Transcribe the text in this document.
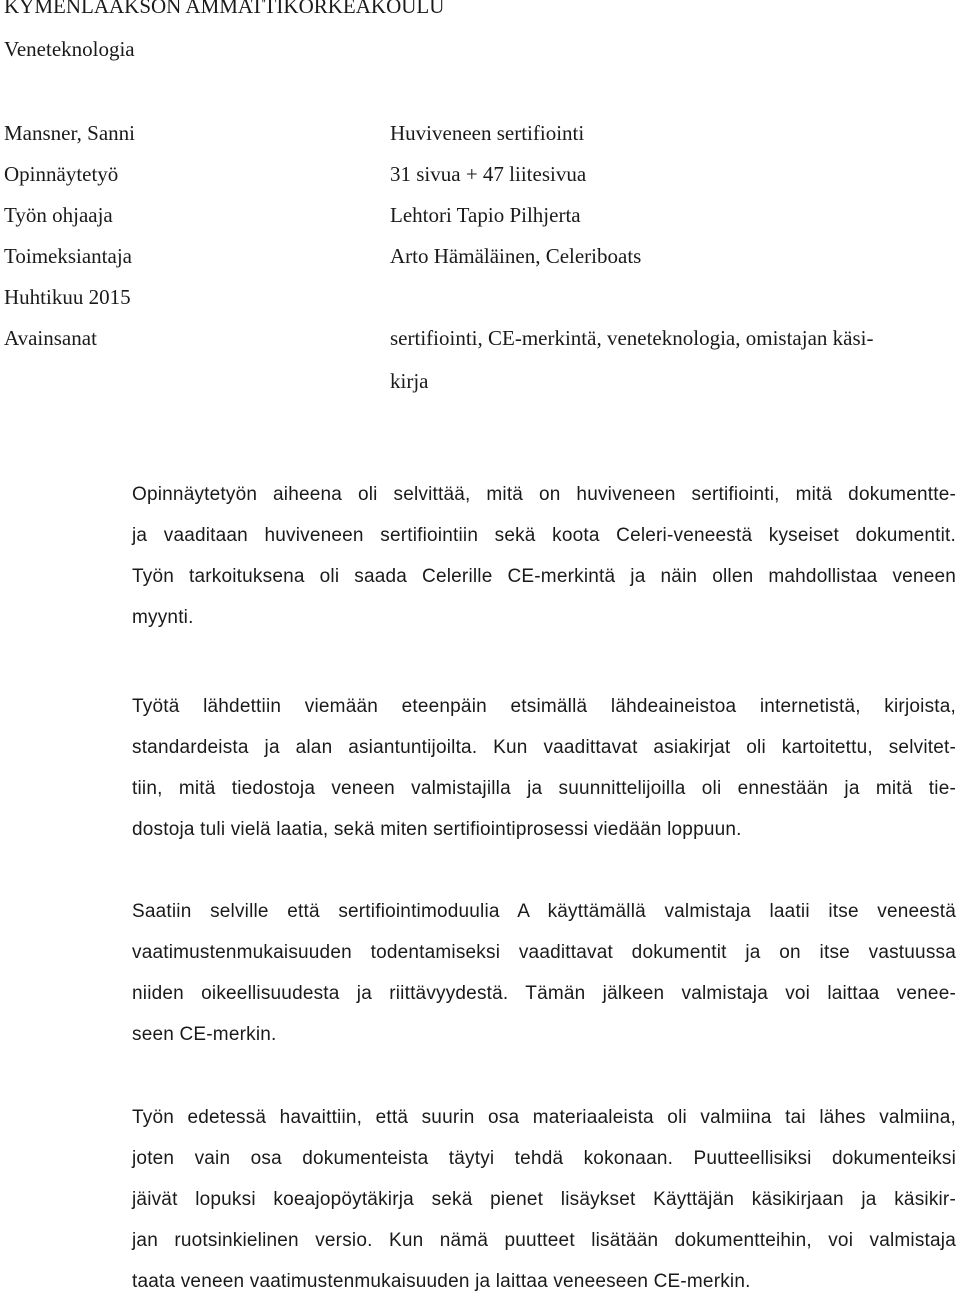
KYMENLAAKSON AMMATTIKORKEAKOULU
Veneteknologia
Mansner, Sanni	Huviveneen sertifiointi
Opinnäytetyö	31 sivua + 47 liitesivua
Työn ohjaaja	Lehtori Tapio Pilhjerta
Toimeksiantaja	Arto Hämäläinen, Celeriboats
Huhtikuu 2015
Avainsanat	sertifiointi, CE-merkintä, veneteknologia, omistajan käsi-
kirja
Opinnäytetyön aiheena oli selvittää, mitä on huviveneen sertifiointi, mitä dokumentte-
ja vaaditaan huviveneen sertifiointiin sekä koota Celeri-veneestä kyseiset dokumentit.
Työn tarkoituksena oli saada Celerille CE-merkintä ja näin ollen mahdollistaa veneen
myynti.
Työtä lähdettiin viemään eteenpäin etsimällä lähdeaineistoa internetistä, kirjoista,
standardeista ja alan asiantuntijoilta. Kun vaadittavat asiakirjat oli kartoitettu, selvitet-
tiin, mitä tiedostoja veneen valmistajilla ja suunnittelijoilla oli ennestään ja mitä tie-
dostoja tuli vielä laatia, sekä miten sertifiointiprosessi viedään loppuun.
Saatiin selville että sertifiointimoduulia A käyttämällä valmistaja laatii itse veneestä
vaatimustenmukaisuuden todentamiseksi vaadittavat dokumentit ja on itse vastuussa
niiden oikeellisuudesta ja riittävyydestä. Tämän jälkeen valmistaja voi laittaa venee-
seen CE-merkin.
Työn edetessä havaittiin, että suurin osa materiaaleista oli valmiina tai lähes valmiina,
joten vain osa dokumenteista täytyi tehdä kokonaan. Puutteellisiksi dokumenteiksi
jäivät lopuksi koeajopöytäkirja sekä pienet lisäykset Käyttäjän käsikirjaan ja käsikir-
jan ruotsinkielinen versio. Kun nämä puutteet lisätään dokumentteihin, voi valmistaja
taata veneen vaatimustenmukaisuuden ja laittaa veneeseen CE-merkin.
